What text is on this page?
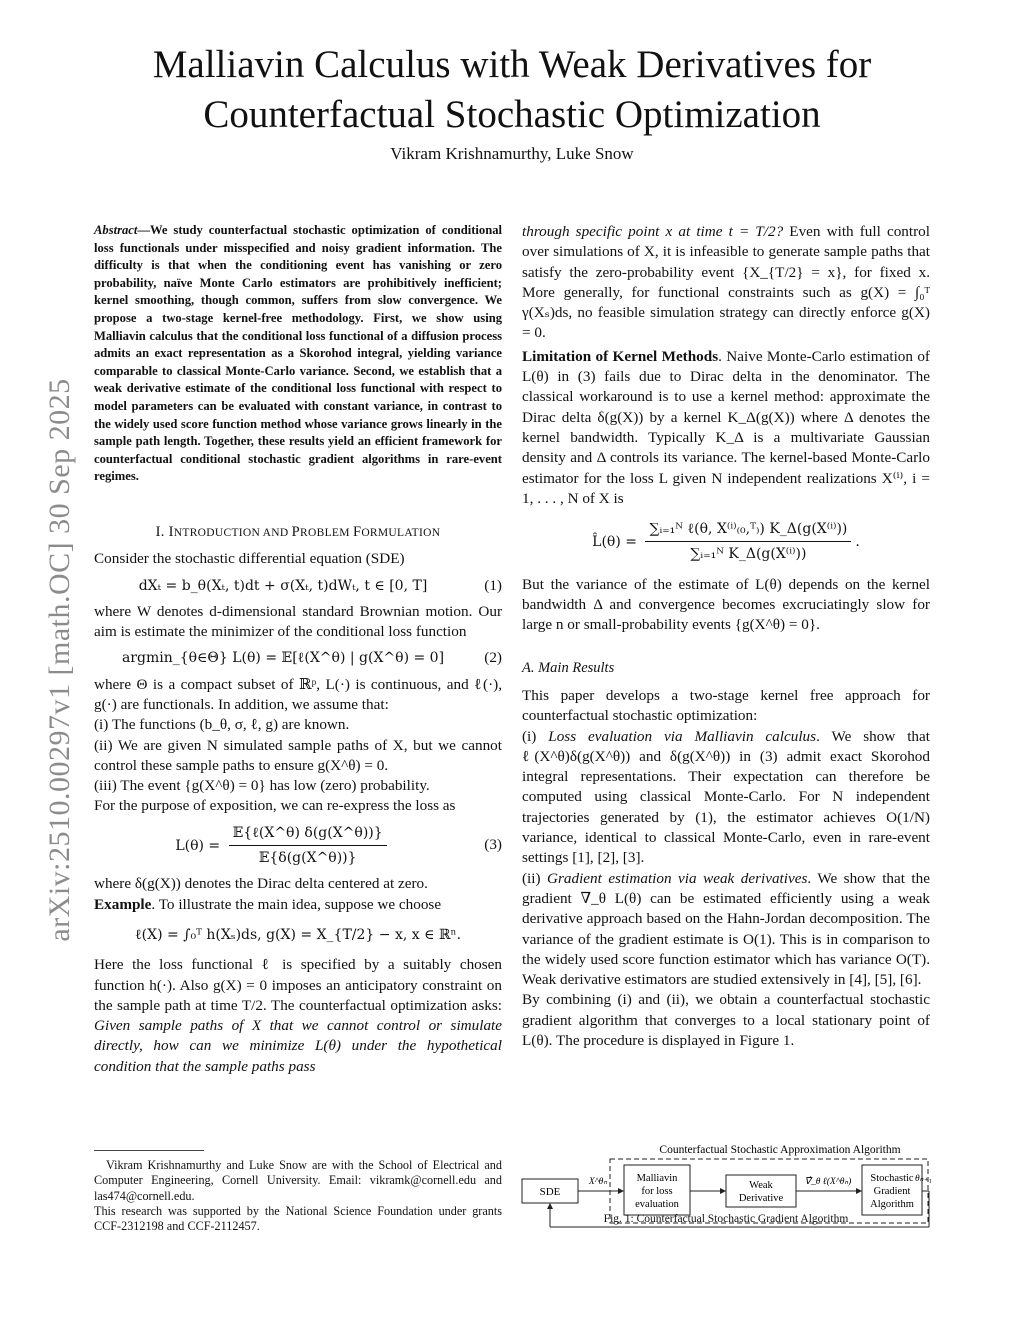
Malliavin Calculus with Weak Derivatives for
Counterfactual Stochastic Optimization
Vikram Krishnamurthy, Luke Snow
arXiv:2510.00297v1 [math.OC] 30 Sep 2025
Abstract—We study counterfactual stochastic optimization of conditional loss functionals under misspecified and noisy gradient information. The difficulty is that when the conditioning event has vanishing or zero probability, naïve Monte Carlo estimators are prohibitively inefficient; kernel smoothing, though common, suffers from slow convergence. We propose a two-stage kernel-free methodology. First, we show using Malliavin calculus that the conditional loss functional of a diffusion process admits an exact representation as a Skorohod integral, yielding variance comparable to classical Monte-Carlo variance. Second, we establish that a weak derivative estimate of the conditional loss functional with respect to model parameters can be evaluated with constant variance, in contrast to the widely used score function method whose variance grows linearly in the sample path length. Together, these results yield an efficient framework for counterfactual conditional stochastic gradient algorithms in rare-event regimes.
I. INTRODUCTION AND PROBLEM FORMULATION
Consider the stochastic differential equation (SDE)
dXₜ = b_θ(Xₜ, t)dt + σ(Xₜ, t)dWₜ, t ∈ [0, T]	(1)
where W denotes d-dimensional standard Brownian motion. Our aim is estimate the minimizer of the conditional loss function
argmin_{θ∈Θ} L(θ) = 𝔼[ℓ(X^θ) | g(X^θ) = 0]	(2)
where Θ is a compact subset of ℝᵖ, L(·) is continuous, and ℓ(·), g(·) are functionals. In addition, we assume that:
(i) The functions (b_θ, σ, ℓ, g) are known.
(ii) We are given N simulated sample paths of X, but we cannot control these sample paths to ensure g(X^θ) = 0.
(iii) The event {g(X^θ) = 0} has low (zero) probability.
For the purpose of exposition, we can re-express the loss as
$L(\theta) = \frac{\text{𝔼\{ℓ(X\textasciicircum{}θ) δ(g(X\textasciicircum{}θ))\}}}{\text{𝔼\{δ(g(X\textasciicircum{}θ))\}}}$	(3)
where δ(g(X)) denotes the Dirac delta centered at zero.
Example. To illustrate the main idea, suppose we choose
ℓ(X) = ∫₀ᵀ h(Xₛ)ds, g(X) = X_{T/2} − x, x ∈ ℝⁿ.
Here the loss functional ℓ is specified by a suitably chosen function h(·). Also g(X) = 0 imposes an anticipatory constraint on the sample path at time T/2. The counterfactual optimization asks: Given sample paths of X that we cannot control or simulate directly, how can we minimize L(θ) under the hypothetical condition that the sample paths pass
Vikram Krishnamurthy and Luke Snow are with the School of Electrical and Computer Engineering, Cornell University. Email: vikramk@cornell.edu and las474@cornell.edu.
This research was supported by the National Science Foundation under grants CCF-2312198 and CCF-2112457.
through specific point x at time t = T/2? Even with full control over simulations of X, it is infeasible to generate sample paths that satisfy the zero-probability event {X_{T/2} = x}, for fixed x. More generally, for functional constraints such as g(X) = ∫₀ᵀ γ(Xₛ)ds, no feasible simulation strategy can directly enforce g(X) = 0.
Limitation of Kernel Methods. Naive Monte-Carlo estimation of L(θ) in (3) fails due to Dirac delta in the denominator. The classical workaround is to use a kernel method: approximate the Dirac delta δ(g(X)) by a kernel K_Δ(g(X)) where Δ denotes the kernel bandwidth. Typically K_Δ is a multivariate Gaussian density and Δ controls its variance. The kernel-based Monte-Carlo estimator for the loss L given N independent realizations X⁽ⁱ⁾, i = 1, . . . , N of X is
L̂(θ) = $\frac{\text{∑ᵢ₌₁ᴺ ℓ(θ, X⁽ⁱ⁾₍₀,ᵀ₎) K\_Δ(g(X⁽ⁱ⁾))}}{\text{∑ᵢ₌₁ᴺ K\_Δ(g(X⁽ⁱ⁾))}}$ .
But the variance of the estimate of L(θ) depends on the kernel bandwidth Δ and convergence becomes excruciatingly slow for large n or small-probability events {g(X^θ) = 0}.
A. Main Results
This paper develops a two-stage kernel free approach for counterfactual stochastic optimization:
(i) Loss evaluation via Malliavin calculus. We show that ℓ(X^θ)δ(g(X^θ)) and δ(g(X^θ)) in (3) admit exact Skorohod integral representations. Their expectation can therefore be computed using classical Monte-Carlo. For N independent trajectories generated by (1), the estimator achieves O(1/N) variance, identical to classical Monte-Carlo, even in rare-event settings [1], [2], [3].
(ii) Gradient estimation via weak derivatives. We show that the gradient ∇_θ L(θ) can be estimated efficiently using a weak derivative approach based on the Hahn-Jordan decomposition. The variance of the gradient estimate is O(1). This is in comparison to the widely used score function estimator which has variance O(T). Weak derivative estimators are studied extensively in [4], [5], [6].
By combining (i) and (ii), we obtain a counterfactual stochastic gradient algorithm that converges to a local stationary point of L(θ). The procedure is displayed in Figure 1.
Counterfactual Stochastic Approximation Algorithm
SDE
X^θₙ	Malliavin
for loss
evaluation
Weak
Derivative
∇̂_θ ℓ(X^θₙ) Stochastic
Gradient
Algorithm
θₙ₊₁
Fig. 1: Counterfactual Stochastic Gradient Algorithm
